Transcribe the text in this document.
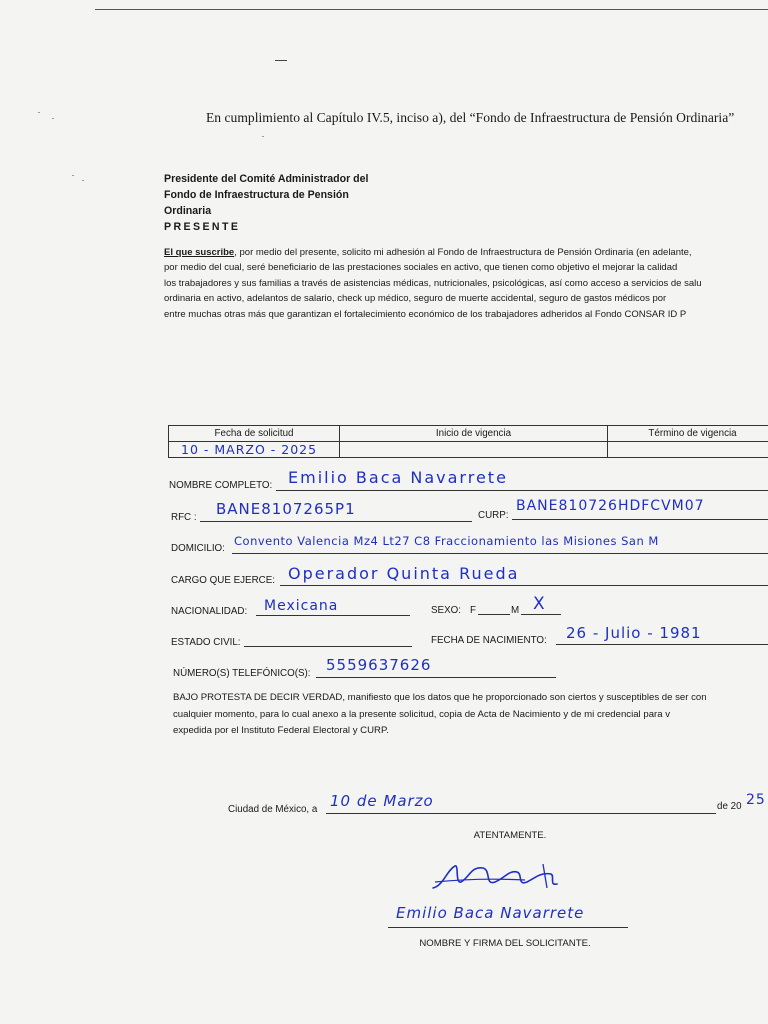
En cumplimiento al Capítulo IV.5, inciso a), del “Fondo de Infraestructura de Pensión Ordinaria”
Presidente del Comité Administrador del
Fondo de Infraestructura de Pensión
Ordinaria
PRESENTE
El que suscribe, por medio del presente, solicito mi adhesión al Fondo de Infraestructura de Pensión Ordinaria (en adelante,
por medio del cual, seré beneficiario de las prestaciones sociales en activo, que tienen como objetivo el mejorar la calidad
los trabajadores y sus familias a través de asistencias médicas, nutricionales, psicológicas, así como acceso a servicios de salu
ordinaria en activo, adelantos de salario, check up médico, seguro de muerte accidental, seguro de gastos médicos por
entre muchas otras más que garantizan el fortalecimiento económico de los trabajadores adheridos al Fondo CONSAR ID P
Fecha de solicitud	Inicio de vigencia	Término de vigencia
10 - MARZO - 2025		
NOMBRE COMPLETO: Emilio Baca Navarrete
RFC : BANE8107265P1	CURP:
BANE810726HDFCVM07
DOMICILIO:
Convento Valencia Mz4 Lt27 C8 Fraccionamiento las Misiones San M
CARGO QUE EJERCE: Operador Quinta Rueda
NACIONALIDAD: Mexicana	SEXO: F	M X
ESTADO CIVIL:	FECHA DE NACIMIENTO: 26 - Julio - 1981
NÚMERO(S) TELEFÓNICO(S): 5559637626
BAJO PROTESTA DE DECIR VERDAD, manifiesto que los datos que he proporcionado son ciertos y susceptibles de ser con
cualquier momento, para lo cual anexo a la presente solicitud, copia de Acta de Nacimiento y de mi credencial para v
expedida por el Instituto Federal Electoral y CURP.
Ciudad de México, a 10 de Marzo	de 20 25
ATENTAMENTE.
Emilio Baca Navarrete
NOMBRE Y FIRMA DEL SOLICITANTE.
